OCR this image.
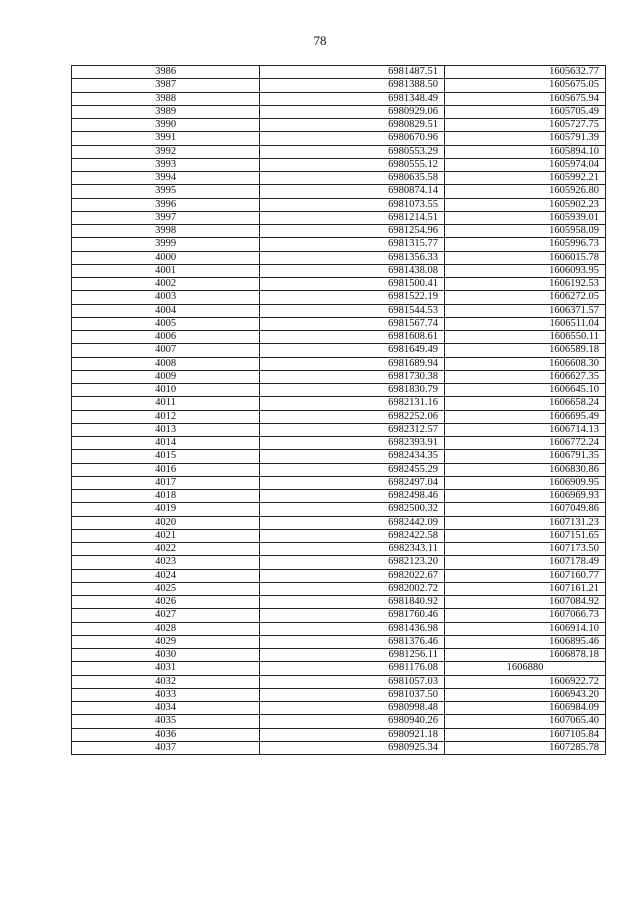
78
3986	6981487.51	1605632.77
3987	6981388.50	1605675.05
3988	6981348.49	1605675.94
3989	6980929.06	1605705.49
3990	6980829.51	1605727.75
3991	6980670.96	1605791.39
3992	6980553.29	1605894.10
3993	6980555.12	1605974.04
3994	6980635.58	1605992.21
3995	6980874.14	1605926.80
3996	6981073.55	1605902.23
3997	6981214.51	1605939.01
3998	6981254.96	1605958.09
3999	6981315.77	1605996.73
4000	6981356.33	1606015.78
4001	6981438.08	1606093.95
4002	6981500.41	1606192.53
4003	6981522.19	1606272.05
4004	6981544.53	1606371.57
4005	6981567.74	1606511.04
4006	6981608.61	1606550.11
4007	6981649.49	1606589.18
4008	6981689.94	1606608.30
4009	6981730.38	1606627.35
4010	6981830.79	1606645.10
4011	6982131.16	1606658.24
4012	6982252.06	1606695.49
4013	6982312.57	1606714.13
4014	6982393.91	1606772.24
4015	6982434.35	1606791.35
4016	6982455.29	1606830.86
4017	6982497.04	1606909.95
4018	6982498.46	1606969.93
4019	6982500.32	1607049.86
4020	6982442.09	1607131.23
4021	6982422.58	1607151.65
4022	6982343.11	1607173.50
4023	6982123.20	1607178.49
4024	6982022.67	1607160.77
4025	6982002.72	1607161.21
4026	6981840.92	1607084.92
4027	6981760.46	1607066.73
4028	6981436.98	1606914.10
4029	6981376.46	1606895.46
4030	6981256.11	1606878.18
4031	6981176.08	1606880
4032	6981057.03	1606922.72
4033	6981037.50	1606943.20
4034	6980998.48	1606984.09
4035	6980940.26	1607065.40
4036	6980921.18	1607105.84
4037	6980925.34	1607285.78
